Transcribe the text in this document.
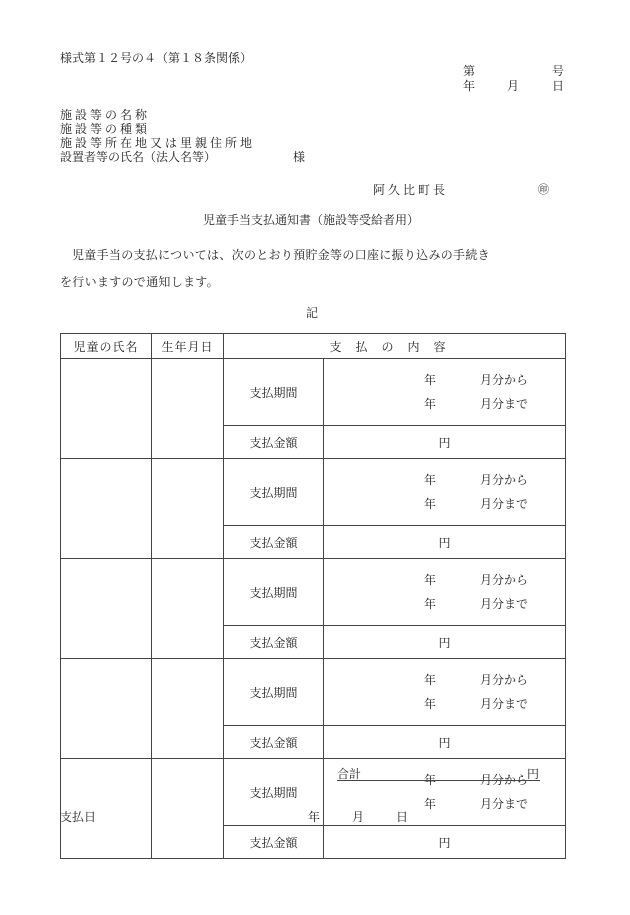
様式第１２号の４（第１８条関係）
第	号
年	月	日
施設等の名称
施設等の種類
施設等所在地又は里親住所地
設置者等の氏名（法人名等）	様
阿久比町長	㊞
児童手当支払通知書（施設等受給者用）
児童手当の支払については、次のとおり預貯金等の口座に振り込みの手続き
を行いますので通知します。
記
児童の氏名	生年月日	支払の内容	
		支払期間	年 月分から
年 月分まで

		支払金額	円
		支払期間	年 月分から
年 月分まで

		支払金額	円
		支払期間	年 月分から
年 月分まで

		支払金額	円
		支払期間	年 月分から
年 月分まで

		支払金額	円
		支払期間	年 月分から
年 月分まで

		支払金額	円
合計	円
支払日	年	月	日
